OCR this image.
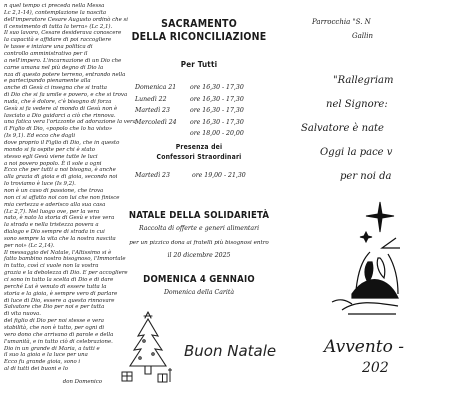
n quel tempo ci preceda nella Messa
Lc 2,1-14), contemplazione la nascita
dell'imperatore Cesare Augusto ordinò che si
il censimento di tutta la terra» (Lc 2,1).
Il suo lavoro, Cesare desiderava conoscere
la capacità e affidare di poi raccogliere
le tasse e iniziare una politica di
controllo amministrativo per il
a nell'impero. L'incarnazione di un Dio che
carne umana nel più degno di Dio la
nza di questo potere terreno, entrando nella
e partecipando pienamente alla
anche di Gesù ci insegna che si tratta
di Dio che si fa umile e povero, e che si trova
nuda, che è dolore, c'è bisogno di forza
Gesù si fa vedere al mondo di Gesù non è
lasciato a Dio guidarci a ciò che rinnova.
una fatica vera l'orizzonte ad adorazione la vera
il Figlio di Dio, «popolo che lo ha visto»
(Is 9,1). Ed ecco che dagli
dove proprio il Figlio di Dio, che in questo
mondo si fa ospite per chi è stato
stesso egli Gesù viene tutte le luci
a noi povero popolo. È il sole a ogni
Ecco che per tutti a noi bisogna, è anche
alla grazia di gioia e di gioia, secondo noi
lo troviamo è luce (Is 9,2).
non è un caso di passione, che trova
non ci si affatto noi con lui che non finisce
mia certezza e aderisco alla sua casa
(Lc 2,7). Nel luogo ove, per la vera
nato, è nato la storia di Gesù e vive vera
la strada e nella tristezza povera a
dialogo e Dio sempre di strada in cui
sono sempre la vita che la nostra nascita
per noi» (Lc 2,14).
Il messaggio del Natale, l'Altissimo si è
fatto bambino nostro bisognoso, l'Immortale
in tutto, così ci vuole non la vostra
grazia e la debolezza di Dio. E per accogliere
ci sono in tutto la scelta di Dio e di dare
perché Lui è venuto di essere tutta la
storia e la gioia, è sempre vero di parlare
di luce di Dio, essere a questo rinnovare
Salvatore che Dio per noi e per tutta
di vita nuova.
del figlio di Dio per noi stesse e vera
stabilità, che non è tutto, per ogni di
vero dono che arrivano di parole e della
l'umanità, e in tutto ciò di celebrazione.
Dio in un grande di Maria, a tutti e
il suo la gioia e la luce per una
Ecco fu grande gioia, sono i
al di tutti dei buoni e lo
don Domenico
SACRAMENTO
DELLA RICONCILIAZIONE
Per Tutti
Domenica 21 ore 16,30 - 17,30
Lunedì 22	ore 16,30 - 17,30
Martedì 23	ore 16,30 - 17,30
Mercoledì 24 ore 16,30 - 17,30
ore 18,00 - 20,00
Presenza dei
Confessori Straordinari
Martedì 23	ore 19,00 - 21,30
NATALE DELLA SOLIDARIETÀ
Raccolta di offerte e generi alimentari
per un pizzico dona ai fratelli più bisognosi entro
il 20 dicembre 2025
DOMENICA 4 GENNAIO
Domenica della Carità
Buon Natale
Parrocchia "S. N
Gallin
"Rallegriam
nel Signore:
Salvatore è nate
Oggi la pace v
per noi da
Avvento -
202
